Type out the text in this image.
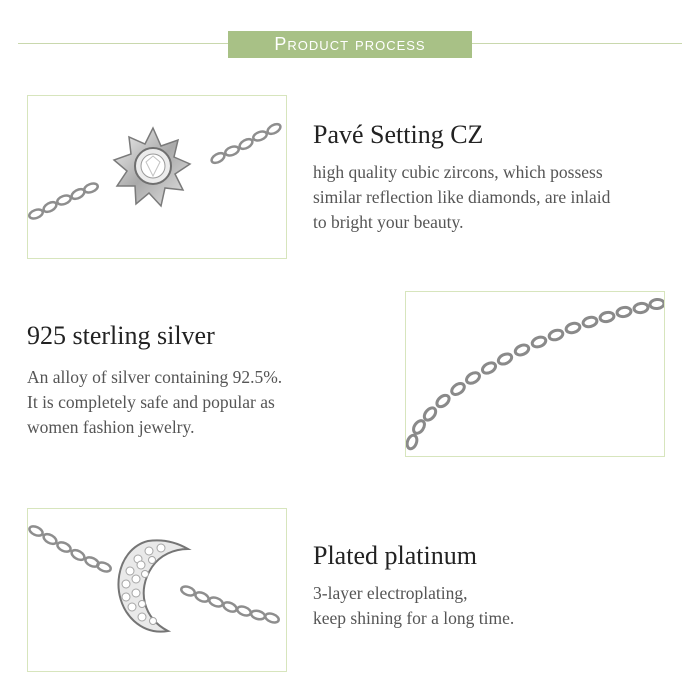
Product process
Pavé Setting CZ
high quality cubic zircons, which possess
similar reflection like diamonds, are inlaid
to bright your beauty.
925 sterling silver
An alloy of silver containing 92.5%.
It is completely safe and popular as
women fashion jewelry.
Plated platinum
3-layer electroplating,
keep shining for a long time.
